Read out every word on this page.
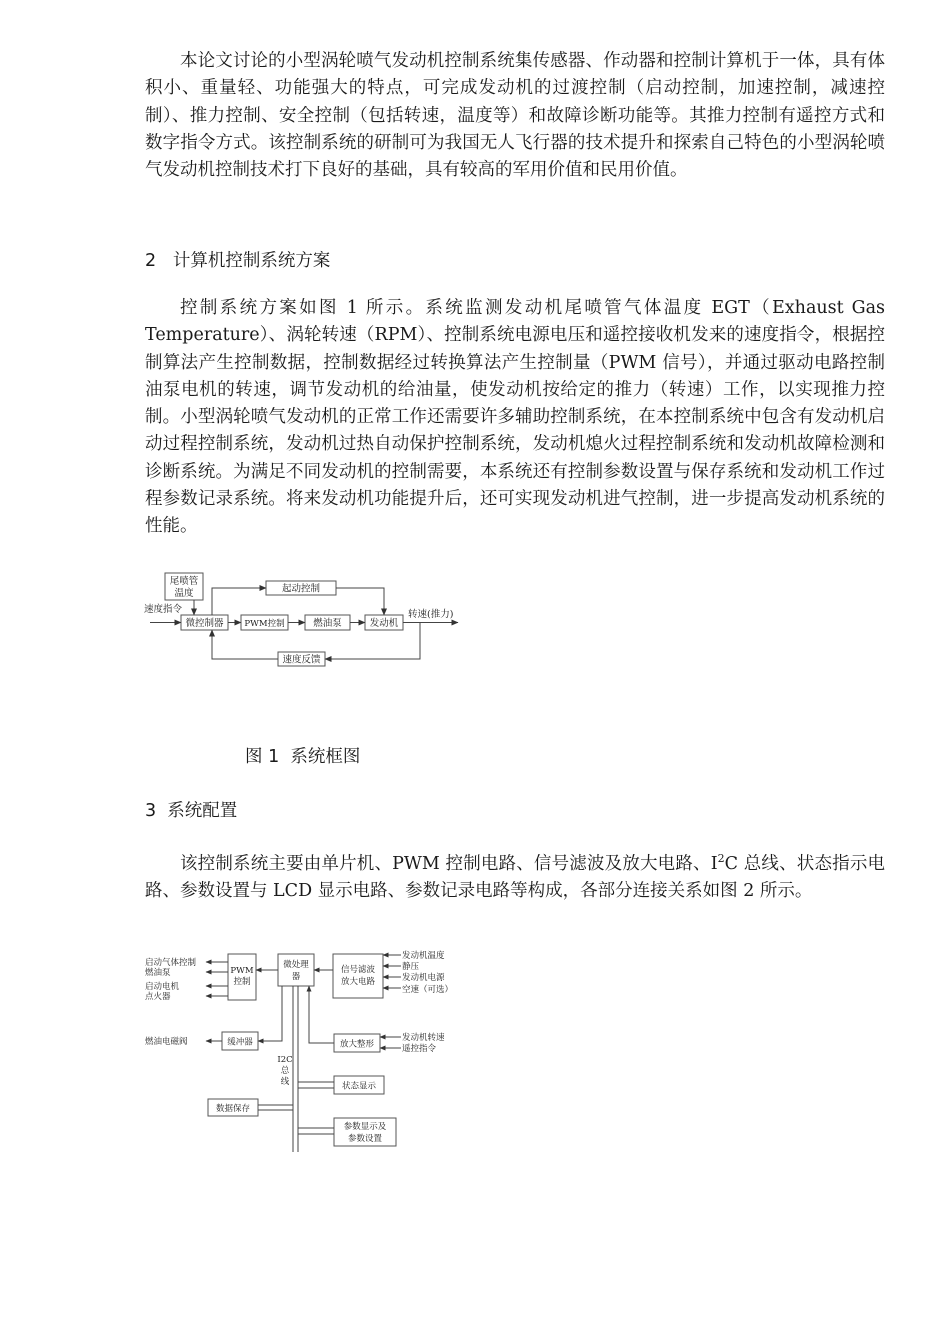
本论文讨论的小型涡轮喷气发动机控制系统集传感器、作动器和控制计算机于一体，具有体积小、重量轻、功能强大的特点，可完成发动机的过渡控制（启动控制，加速控制，减速控制）、推力控制、安全控制（包括转速，温度等）和故障诊断功能等。其推力控制有遥控方式和数字指令方式。该控制系统的研制可为我国无人飞行器的技术提升和探索自己特色的小型涡轮喷气发动机控制技术打下良好的基础，具有较高的军用价值和民用价值。

2 计算机控制系统方案

控制系统方案如图 1 所示。系统监测发动机尾喷管气体温度 EGT（Exhaust Gas Temperature）、涡轮转速（RPM）、控制系统电源电压和遥控接收机发来的速度指令，根据控制算法产生控制数据，控制数据经过转换算法产生控制量（PWM 信号），并通过驱动电路控制油泵电机的转速，调节发动机的给油量，使发动机按给定的推力（转速）工作，以实现推力控制。小型涡轮喷气发动机的正常工作还需要许多辅助控制系统，在本控制系统中包含有发动机启动过程控制系统，发动机过热自动保护控制系统，发动机熄火过程控制系统和发动机故障检测和诊断系统。为满足不同发动机的控制需要，本系统还有控制参数设置与保存系统和发动机工作过程参数记录系统。将来发动机功能提升后，还可实现发动机进气控制，进一步提高发动机系统的性能。

尾喷管
温度
速度指令
微控制器 PWM控制	燃油泵	发动机
起动控制
速度反馈
转速(推力)

图 1 系统框图

3 系统配置

该控制系统主要由单片机、PWM 控制电路、信号滤波及放大电路、$I^2C$ 总线、状态指示电路、参数设置与 LCD 显示电路、参数记录电路等构成，各部分连接关系如图 2 所示。

启动气体控制
燃油泵
启动电机
点火器
PWM
控制
微处理
器
信号滤波
放大电路
发动机温度
静压
发动机电源
空速（可选）
燃油电磁阀	缓冲器	放大整形
发动机转速
遥控指令
I2C
总
线	状态显示
数据保存
参数显示及
参数设置
